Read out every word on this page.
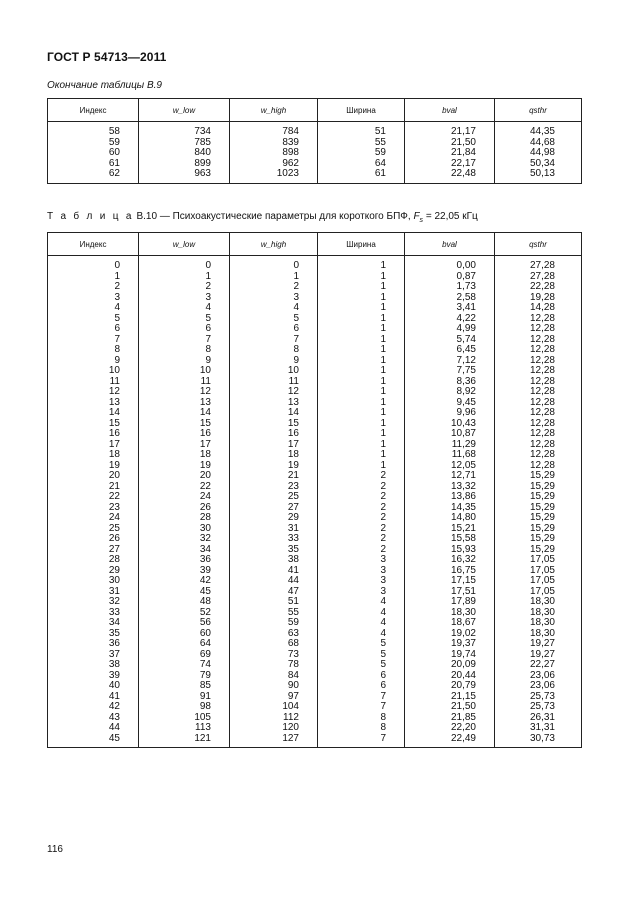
ГОСТ Р 54713—2011
Окончание таблицы В.9
Индекс	w_low	w_high	Ширина	bval	qsthr
58	734	784	51	21,17	44,35
59	785	839	55	21,50	44,68
60	840	898	59	21,84	44,98
61	899	962	64	22,17	50,34
62	963	1023	61	22,48	50,13
Т а б л и ц а В.10 — Психоакустические параметры для короткого БПФ, $F_s = 22,05$ кГц
Индекс	w_low	w_high	Ширина	bval	qsthr
0	0	0	1	0,00	27,28
1	1	1	1	0,87	27,28
2	2	2	1	1,73	22,28
3	3	3	1	2,58	19,28
4	4	4	1	3,41	14,28
5	5	5	1	4,22	12,28
6	6	6	1	4,99	12,28
7	7	7	1	5,74	12,28
8	8	8	1	6,45	12,28
9	9	9	1	7,12	12,28
10	10	10	1	7,75	12,28
11	11	11	1	8,36	12,28
12	12	12	1	8,92	12,28
13	13	13	1	9,45	12,28
14	14	14	1	9,96	12,28
15	15	15	1	10,43	12,28
16	16	16	1	10,87	12,28
17	17	17	1	11,29	12,28
18	18	18	1	11,68	12,28
19	19	19	1	12,05	12,28
20	20	21	2	12,71	15,29
21	22	23	2	13,32	15,29
22	24	25	2	13,86	15,29
23	26	27	2	14,35	15,29
24	28	29	2	14,80	15,29
25	30	31	2	15,21	15,29
26	32	33	2	15,58	15,29
27	34	35	2	15,93	15,29
28	36	38	3	16,32	17,05
29	39	41	3	16,75	17,05
30	42	44	3	17,15	17,05
31	45	47	3	17,51	17,05
32	48	51	4	17,89	18,30
33	52	55	4	18,30	18,30
34	56	59	4	18,67	18,30
35	60	63	4	19,02	18,30
36	64	68	5	19,37	19,27
37	69	73	5	19,74	19,27
38	74	78	5	20,09	22,27
39	79	84	6	20,44	23,06
40	85	90	6	20,79	23,06
41	91	97	7	21,15	25,73
42	98	104	7	21,50	25,73
43	105	112	8	21,85	26,31
44	113	120	8	22,20	31,31
45	121	127	7	22,49	30,73
116
